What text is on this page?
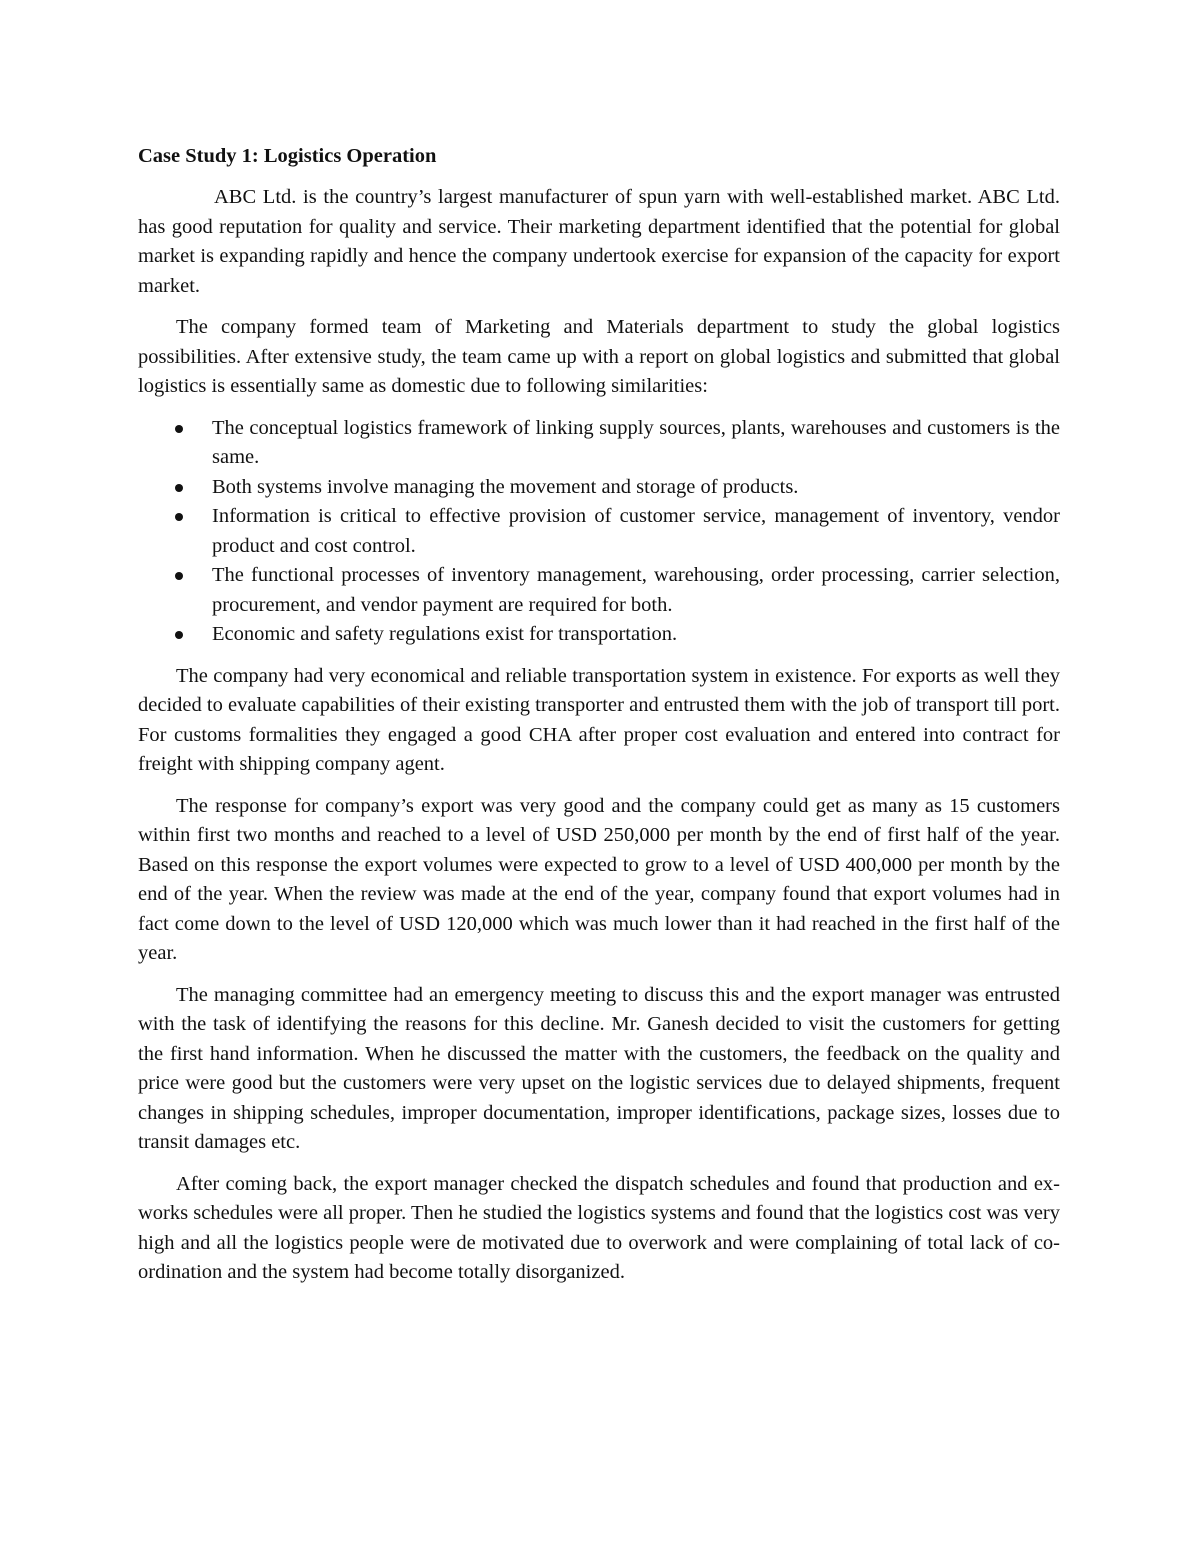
Case Study 1: Logistics Operation

ABC Ltd. is the country’s largest manufacturer of spun yarn with well-established market. ABC Ltd. has good reputation for quality and service. Their marketing department identified that the potential for global market is expanding rapidly and hence the company undertook exercise for expansion of the capacity for export market.

The company formed team of Marketing and Materials department to study the global logistics possibilities. After extensive study, the team came up with a report on global logistics and submitted that global logistics is essentially same as domestic due to following similarities:

The conceptual logistics framework of linking supply sources, plants, warehouses and customers is the same.
Both systems involve managing the movement and storage of products.
Information is critical to effective provision of customer service, management of inventory, vendor product and cost control.
The functional processes of inventory management, warehousing, order processing, carrier selection, procurement, and vendor payment are required for both.
Economic and safety regulations exist for transportation.

The company had very economical and reliable transportation system in existence. For exports as well they decided to evaluate capabilities of their existing transporter and entrusted them with the job of transport till port. For customs formalities they engaged a good CHA after proper cost evaluation and entered into contract for freight with shipping company agent.

The response for company’s export was very good and the company could get as many as 15 customers within first two months and reached to a level of USD 250,000 per month by the end of first half of the year. Based on this response the export volumes were expected to grow to a level of USD 400,000 per month by the end of the year. When the review was made at the end of the year, company found that export volumes had in fact come down to the level of USD 120,000 which was much lower than it had reached in the first half of the year.

The managing committee had an emergency meeting to discuss this and the export manager was entrusted with the task of identifying the reasons for this decline. Mr. Ganesh decided to visit the customers for getting the first hand information. When he discussed the matter with the customers, the feedback on the quality and price were good but the customers were very upset on the logistic services due to delayed shipments, frequent changes in shipping schedules, improper documentation, improper identifications, package sizes, losses due to transit damages etc.

After coming back, the export manager checked the dispatch schedules and found that production and ex-works schedules were all proper. Then he studied the logistics systems and found that the logistics cost was very high and all the logistics people were de motivated due to overwork and were complaining of total lack of co-ordination and the system had become totally disorganized.
